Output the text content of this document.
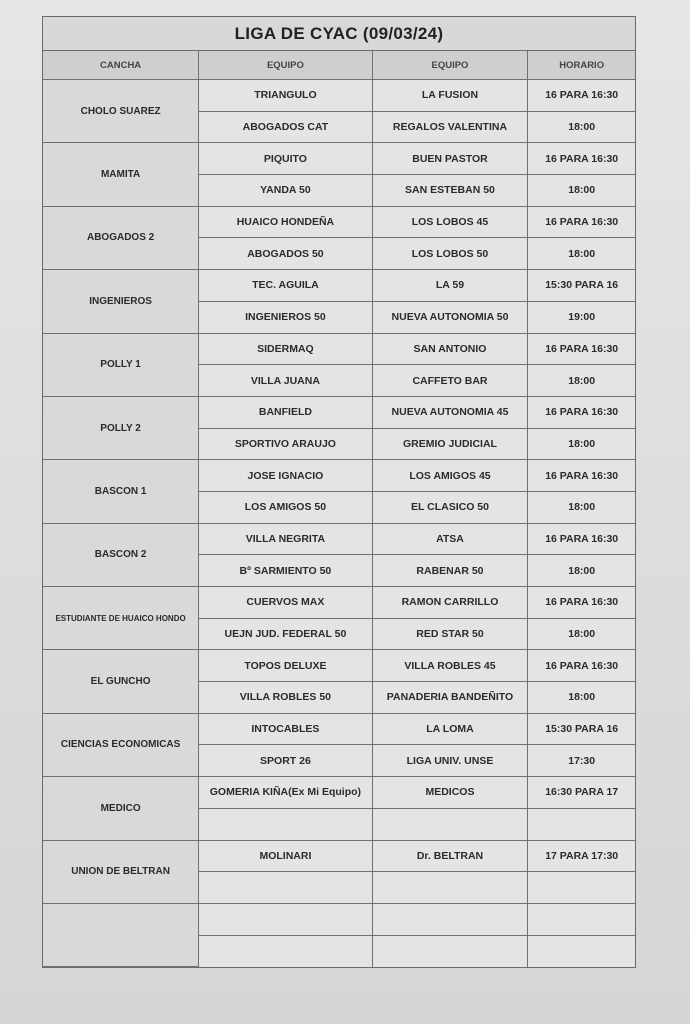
LIGA DE CYAC (09/03/24)
CANCHA	EQUIPO	EQUIPO	HORARIO
CHOLO SUAREZ	TRIANGULO	LA FUSION	16 PARA 16:30
	ABOGADOS CAT	REGALOS VALENTINA	18:00
MAMITA	PIQUITO	BUEN PASTOR	16 PARA 16:30
	YANDA 50	SAN ESTEBAN 50	18:00
ABOGADOS 2	HUAICO HONDEÑA	LOS LOBOS 45	16 PARA 16:30
	ABOGADOS 50	LOS LOBOS 50	18:00
INGENIEROS	TEC. AGUILA	LA 59	15:30 PARA 16
	INGENIEROS 50	NUEVA AUTONOMIA 50	19:00
POLLY 1	SIDERMAQ	SAN ANTONIO	16 PARA 16:30
	VILLA JUANA	CAFFETO BAR	18:00
POLLY 2	BANFIELD	NUEVA AUTONOMIA 45	16 PARA 16:30
	SPORTIVO ARAUJO	GREMIO JUDICIAL	18:00
BASCON 1	JOSE IGNACIO	LOS AMIGOS 45	16 PARA 16:30
	LOS AMIGOS 50	EL CLASICO 50	18:00
BASCON 2	VILLA NEGRITA	ATSA	16 PARA 16:30
	Bº SARMIENTO 50	RABENAR 50	18:00
ESTUDIANTE DE HUAICO HONDO	CUERVOS MAX	RAMON CARRILLO	16 PARA 16:30
	UEJN JUD. FEDERAL 50	RED STAR 50	18:00
EL GUNCHO	TOPOS DELUXE	VILLA ROBLES 45	16 PARA 16:30
	VILLA ROBLES 50	PANADERIA BANDEÑITO	18:00
CIENCIAS ECONOMICAS	INTOCABLES	LA LOMA	15:30 PARA 16
	SPORT 26	LIGA UNIV. UNSE	17:30
MEDICO	GOMERIA KIÑA(Ex Mi Equipo)	MEDICOS	16:30 PARA 17

UNION DE BELTRAN	MOLINARI	Dr. BELTRAN	17 PARA 17:30
